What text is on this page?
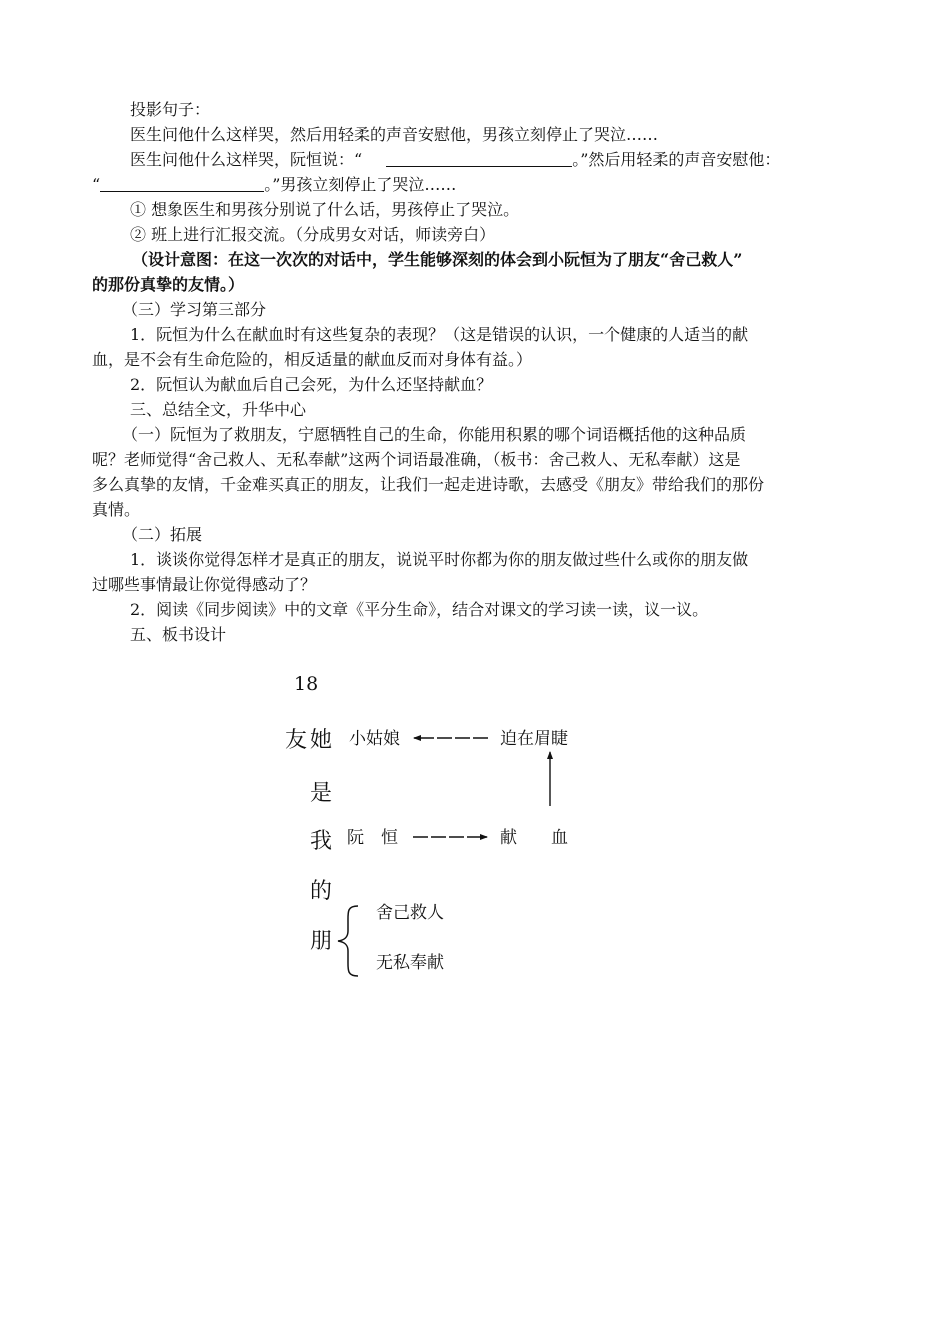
投影句子：
医生问他什么这样哭，然后用轻柔的声音安慰他，男孩立刻停止了哭泣……
医生问他什么这样哭，阮恒说：“	。”然后用轻柔的声音安慰他：
“	。”男孩立刻停止了哭泣……
① 想象医生和男孩分别说了什么话，男孩停止了哭泣。
② 班上进行汇报交流。（分成男女对话，师读旁白）
（设计意图：在这一次次的对话中，学生能够深刻的体会到小阮恒为了朋友“舍己救人”
的那份真挚的友情。）
（三）学习第三部分
1．阮恒为什么在献血时有这些复杂的表现？（这是错误的认识，一个健康的人适当的献
血，是不会有生命危险的，相反适量的献血反而对身体有益。）
2．阮恒认为献血后自己会死，为什么还坚持献血？
三、总结全文，升华中心
（一）阮恒为了救朋友，宁愿牺牲自己的生命，你能用积累的哪个词语概括他的这种品质
呢？老师觉得“舍己救人、无私奉献”这两个词语最准确，（板书：舍己救人、无私奉献）这是
多么真挚的友情，千金难买真正的朋友，让我们一起走进诗歌，去感受《朋友》带给我们的那份
真情。
（二）拓展
1．谈谈你觉得怎样才是真正的朋友，说说平时你都为你的朋友做过些什么或你的朋友做
过哪些事情最让你觉得感动了？
2．阅读《同步阅读》中的文章《平分生命》，结合对课文的学习读一读，议一议。
五、板书设计
18
友 她
是
我
的
朋
小姑娘	迫在眉睫
阮　恒	献　　血
舍己救人
无私奉献
